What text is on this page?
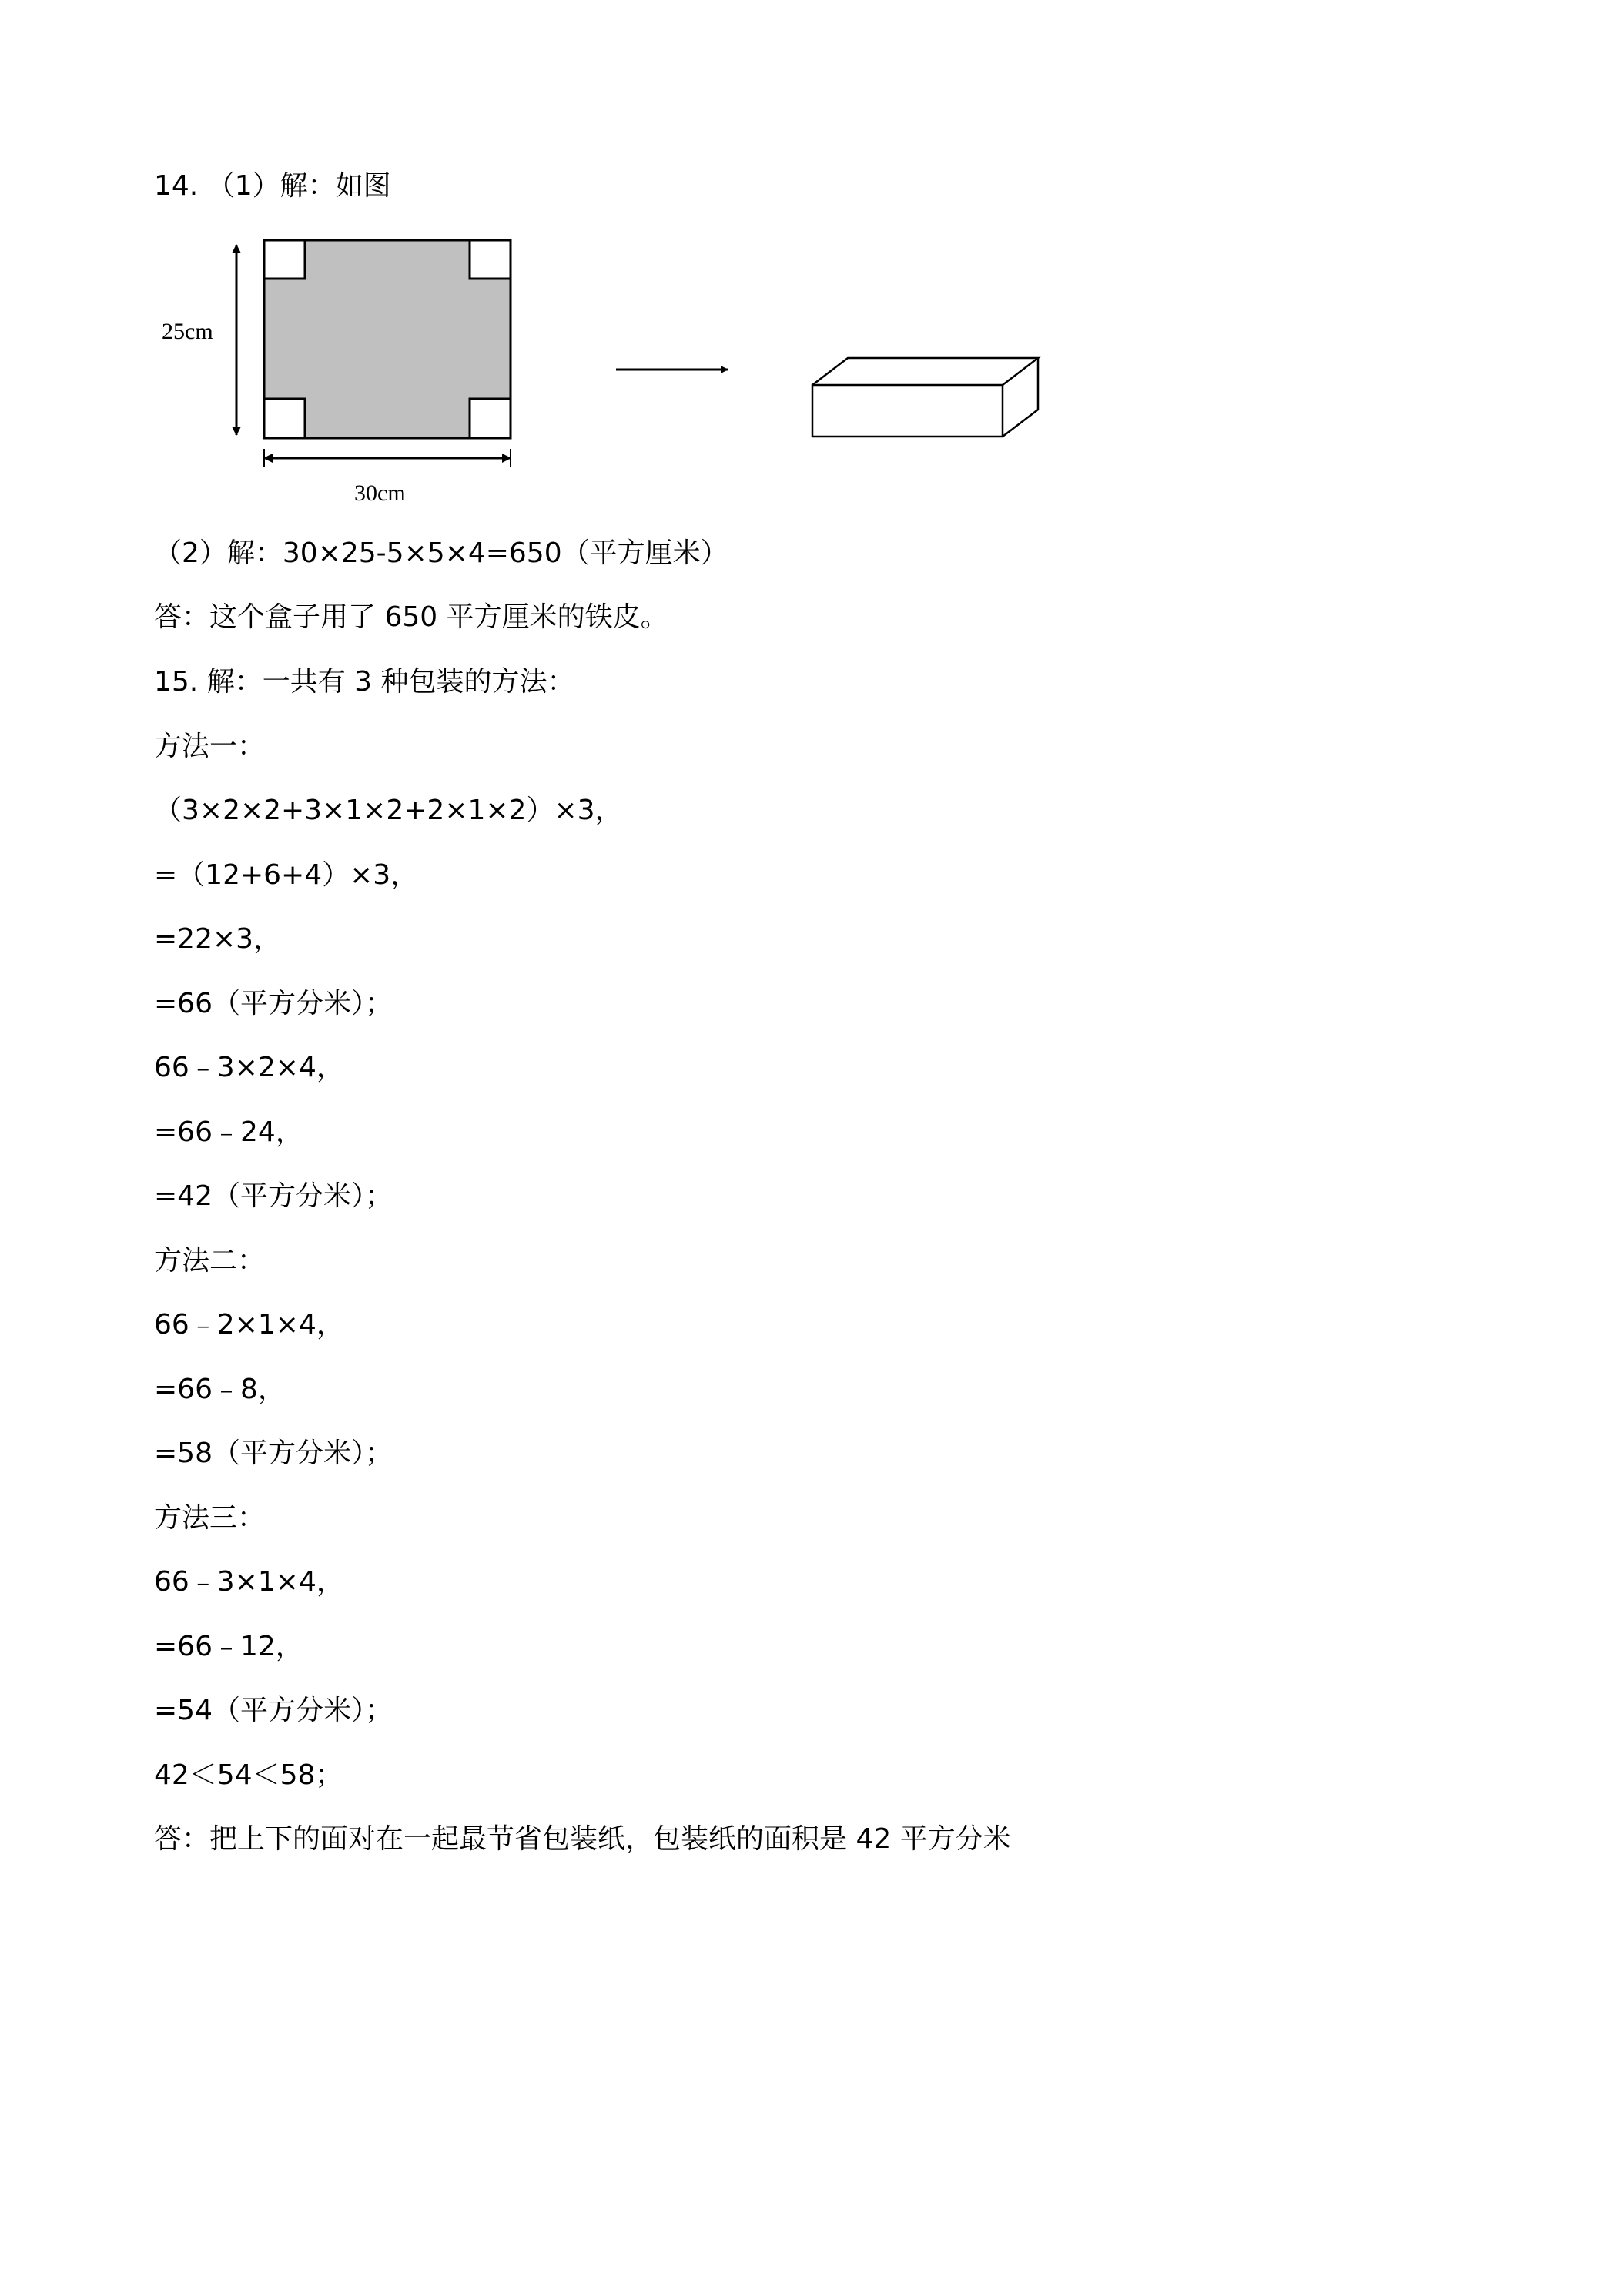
14. （1）解：如图
25cm
30cm
（2）解：30×25-5×5×4=650（平方厘米）
答：这个盒子用了 650 平方厘米的铁皮。
15. 解：一共有 3 种包装的方法：
方法一：
（3×2×2+3×1×2+2×1×2）×3，
=（12+6+4）×3，
=22×3，
=66（平方分米）；
66﹣3×2×4，
=66﹣24，
=42（平方分米）；
方法二：
66﹣2×1×4，
=66﹣8，
=58（平方分米）；
方法三：
66﹣3×1×4，
=66﹣12，
=54（平方分米）；
42＜54＜58；
答：把上下的面对在一起最节省包装纸，包装纸的面积是 42 平方分米
